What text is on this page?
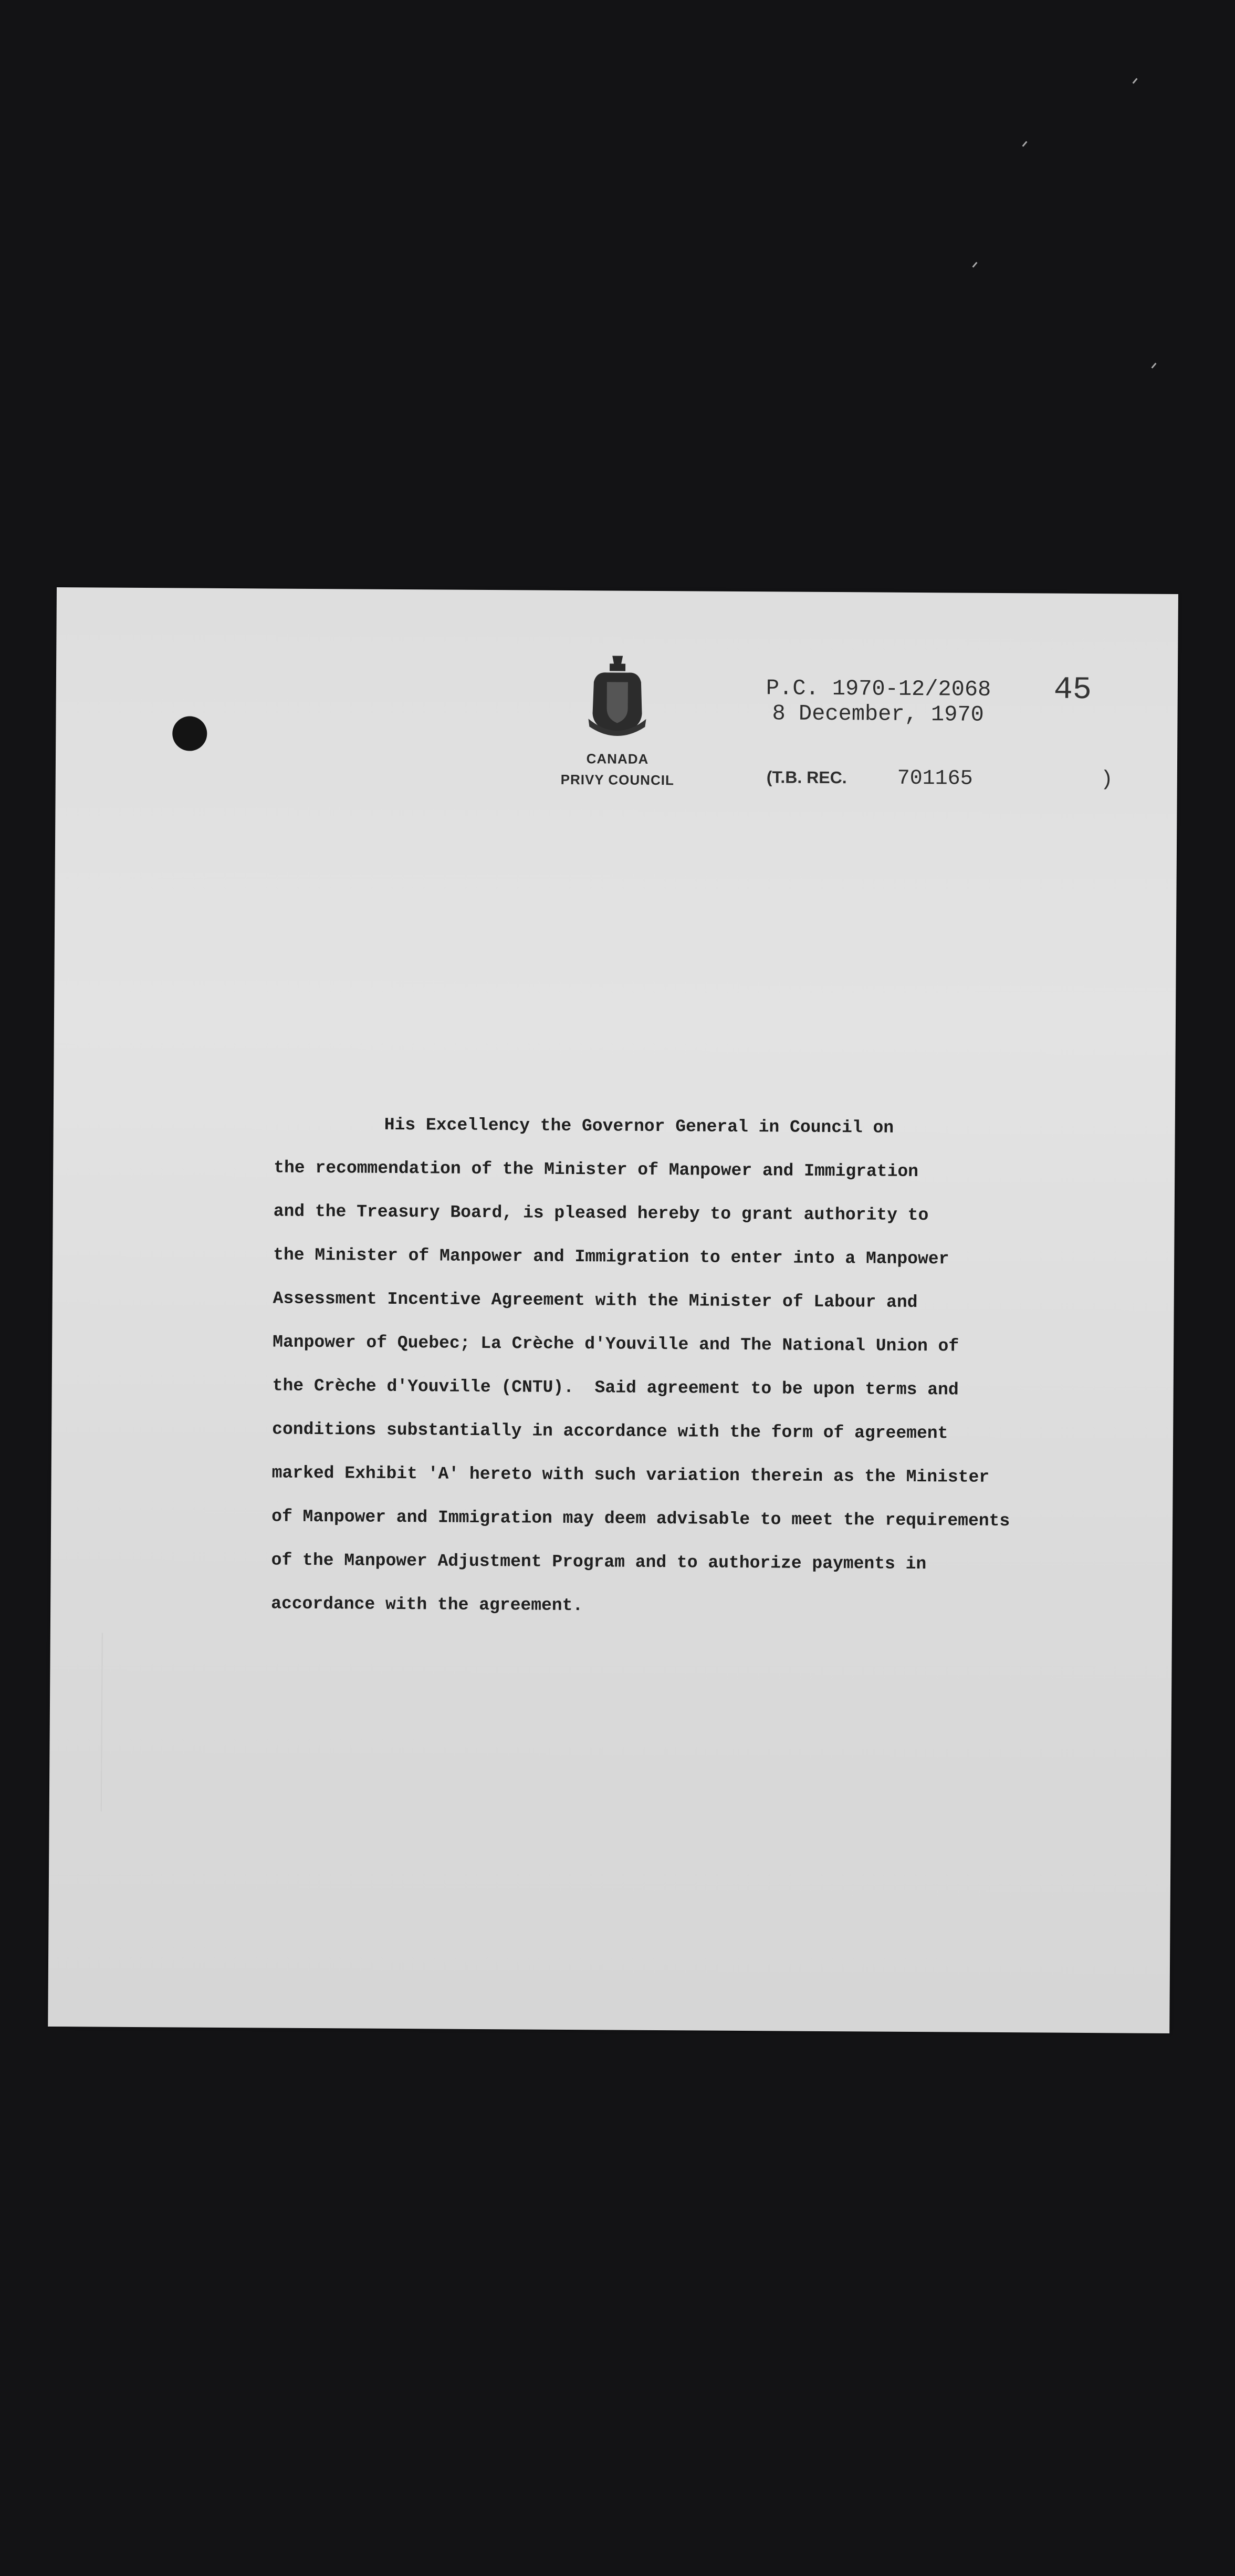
CANADA
PRIVY COUNCIL
P.C. 1970-12/2068
8 December, 1970
45
(T.B. REC. 701165	)
His Excellency the Governor General in Council on
the recommendation of the Minister of Manpower and Immigration
and the Treasury Board, is pleased hereby to grant authority to
the Minister of Manpower and Immigration to enter into a Manpower
Assessment Incentive Agreement with the Minister of Labour and
Manpower of Quebec; La Crèche d'Youville and The National Union of
the Crèche d'Youville (CNTU).  Said agreement to be upon terms and
conditions substantially in accordance with the form of agreement
marked Exhibit 'A' hereto with such variation therein as the Minister
of Manpower and Immigration may deem advisable to meet the requirements
of the Manpower Adjustment Program and to authorize payments in
accordance with the agreement.
